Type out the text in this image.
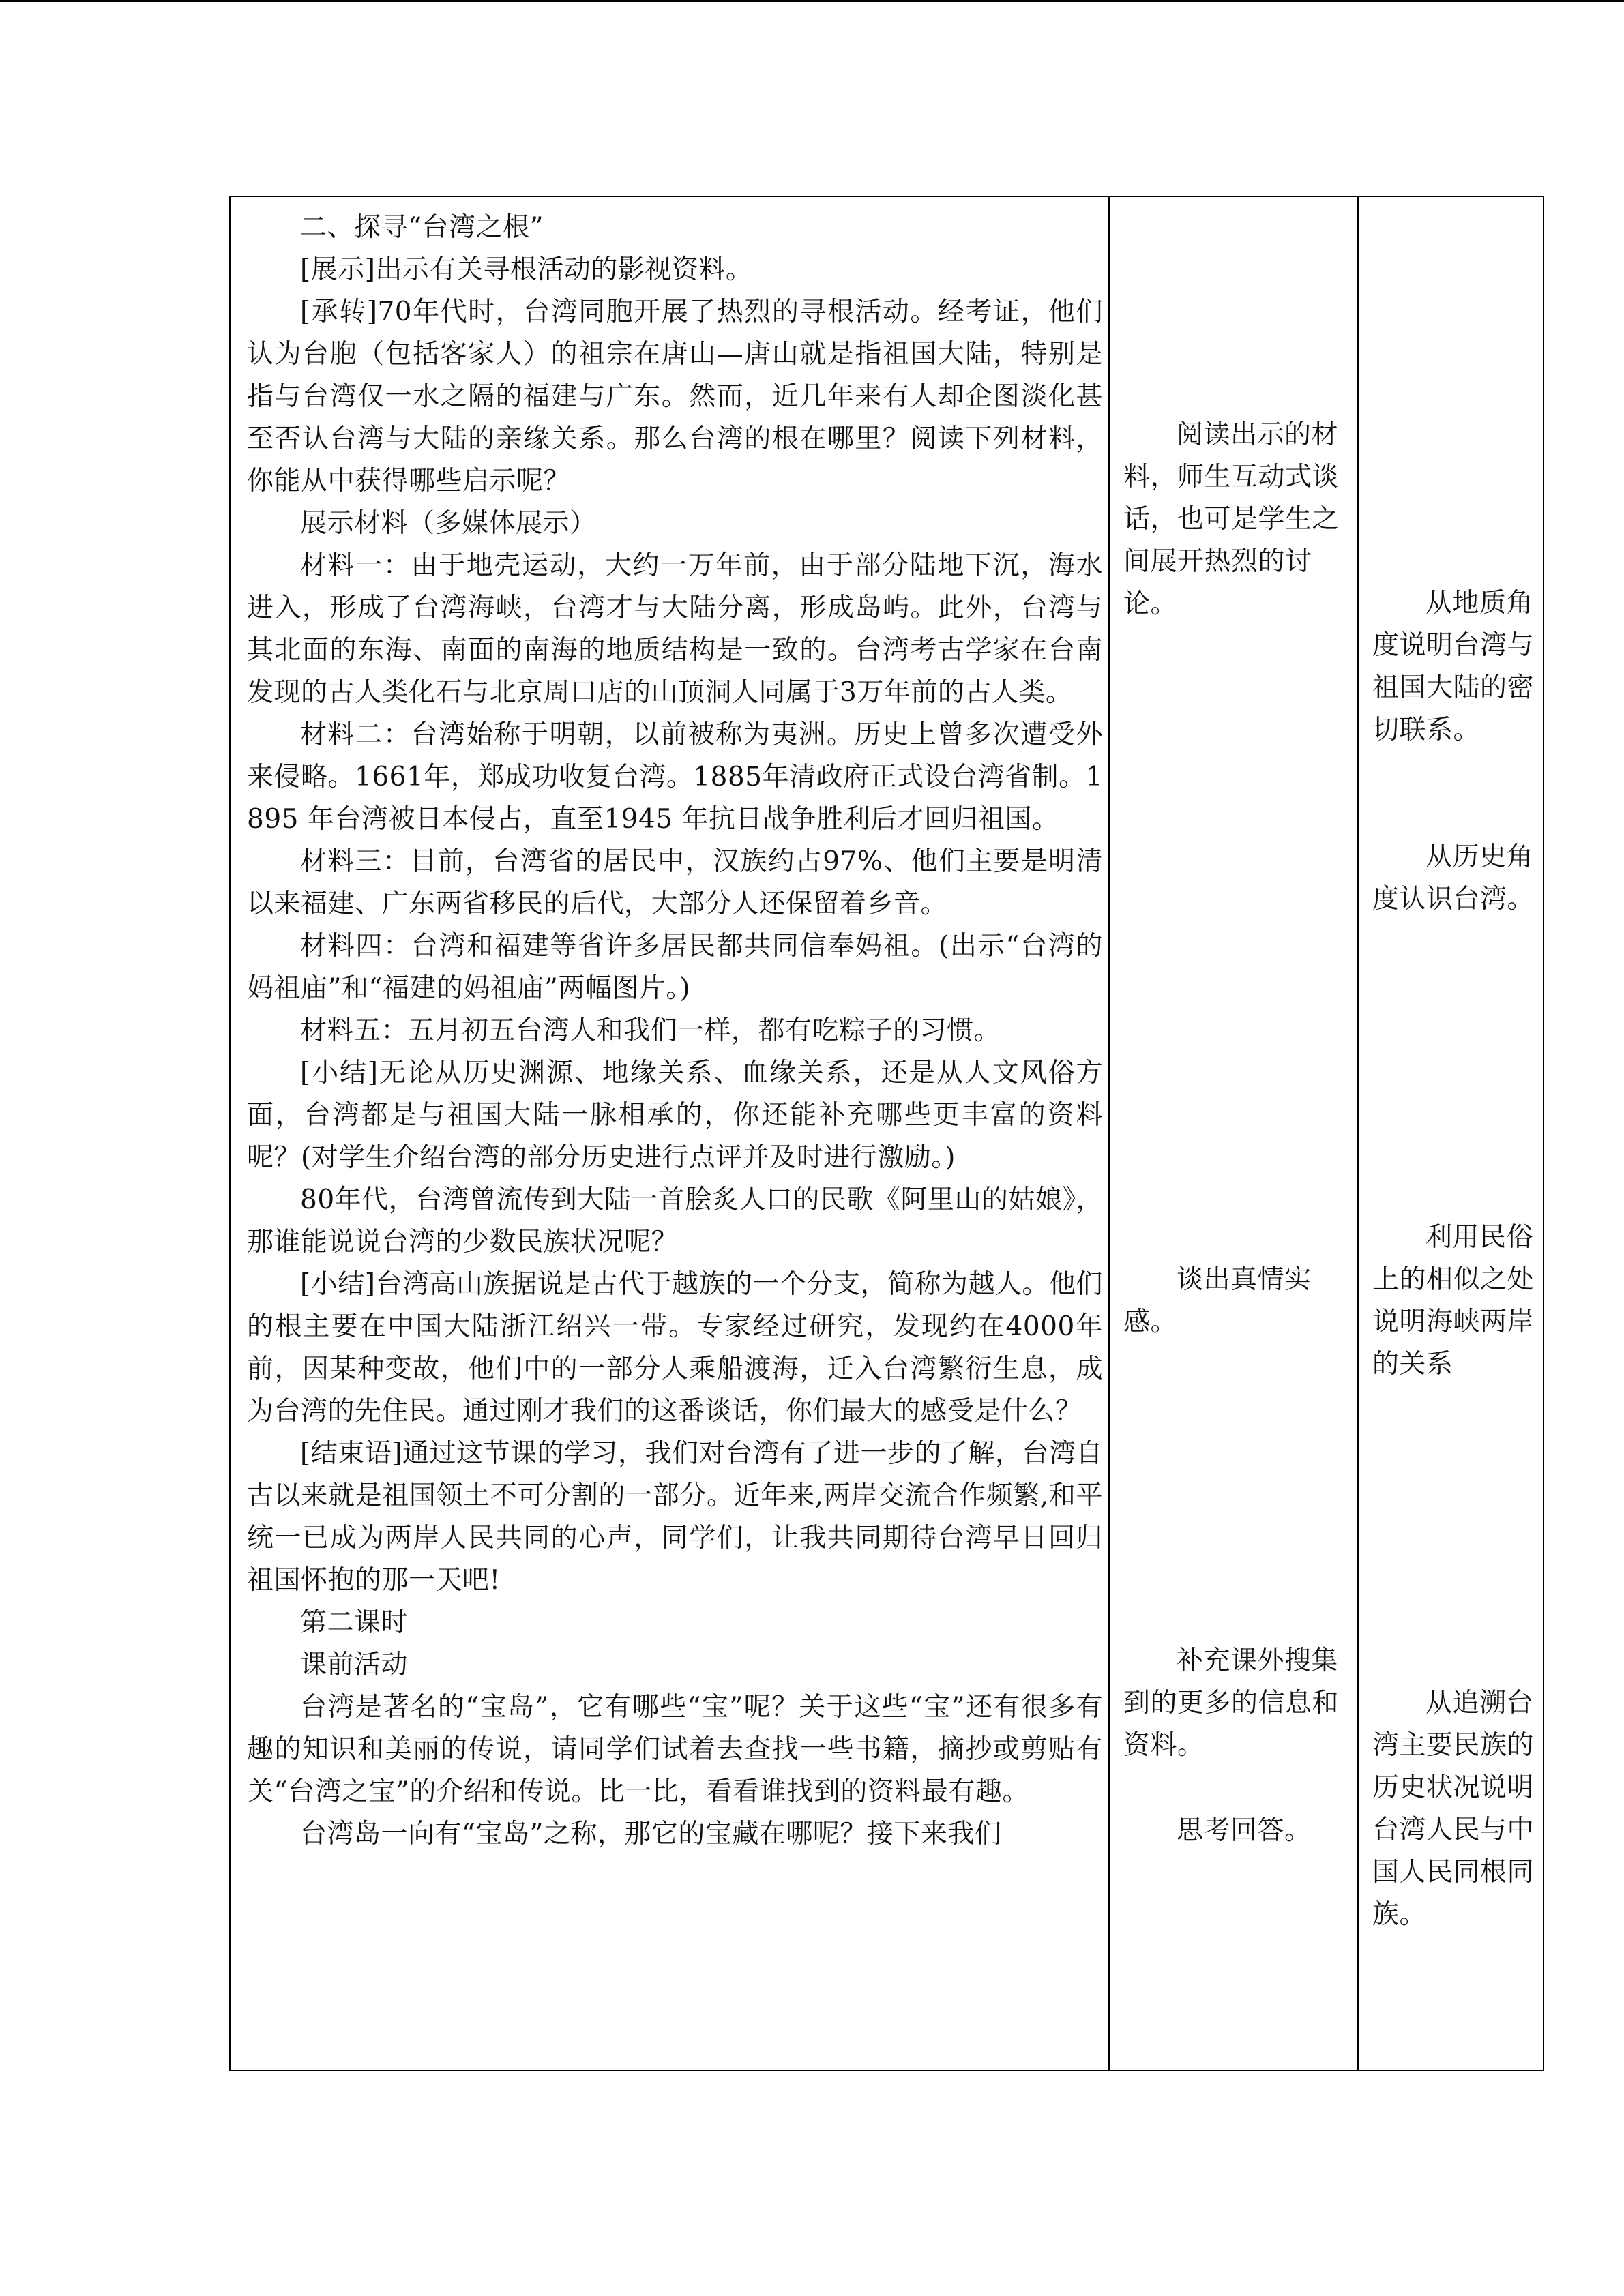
二、探寻“台湾之根”

[展示]出示有关寻根活动的影视资料。

[承转]70年代时，台湾同胞开展了热烈的寻根活动。经考证，他们认为台胞（包括客家人）的祖宗在唐山—唐山就是指祖国大陆，特别是指与台湾仅一水之隔的福建与广东。然而，近几年来有人却企图淡化甚至否认台湾与大陆的亲缘关系。那么台湾的根在哪里？阅读下列材料，你能从中获得哪些启示呢？

展示材料（多媒体展示）

材料一：由于地壳运动，大约一万年前，由于部分陆地下沉，海水进入，形成了台湾海峡，台湾才与大陆分离，形成岛屿。此外，台湾与其北面的东海、南面的南海的地质结构是一致的。台湾考古学家在台南发现的古人类化石与北京周口店的山顶洞人同属于3万年前的古人类。

材料二：台湾始称于明朝，以前被称为夷洲。历史上曾多次遭受外来侵略。1661年，郑成功收复台湾。1885年清政府正式设台湾省制。1895 年台湾被日本侵占，直至1945 年抗日战争胜利后才回归祖国。

材料三：目前，台湾省的居民中，汉族约占97%、他们主要是明清以来福建、广东两省移民的后代，大部分人还保留着乡音。

材料四：台湾和福建等省许多居民都共同信奉妈祖。(出示“台湾的妈祖庙”和“福建的妈祖庙”两幅图片。)

材料五：五月初五台湾人和我们一样，都有吃粽子的习惯。

[小结]无论从历史渊源、地缘关系、血缘关系，还是从人文风俗方面，台湾都是与祖国大陆一脉相承的，你还能补充哪些更丰富的资料呢？(对学生介绍台湾的部分历史进行点评并及时进行激励。)

80年代，台湾曾流传到大陆一首脍炙人口的民歌《阿里山的姑娘》，那谁能说说台湾的少数民族状况呢？

[小结]台湾高山族据说是古代于越族的一个分支，简称为越人。他们的根主要在中国大陆浙江绍兴一带。专家经过研究，发现约在4000年前，因某种变故，他们中的一部分人乘船渡海，迁入台湾繁衍生息，成为台湾的先住民。通过刚才我们的这番谈话，你们最大的感受是什么？

[结束语]通过这节课的学习，我们对台湾有了进一步的了解，台湾自古以来就是祖国领土不可分割的一部分。近年来,两岸交流合作频繁,和平统一已成为两岸人民共同的心声，同学们，让我共同期待台湾早日回归祖国怀抱的那一天吧!

第二课时

课前活动

台湾是著名的“宝岛”，它有哪些“宝”呢？关于这些“宝”还有很多有趣的知识和美丽的传说，请同学们试着去查找一些书籍，摘抄或剪贴有关“台湾之宝”的介绍和传说。比一比，看看谁找到的资料最有趣。

台湾岛一向有“宝岛”之称，那它的宝藏在哪呢？接下来我们

阅读出示的材料，师生互动式谈话，也可是学生之间展开热烈的讨论。

谈出真情实感。

补充课外搜集到的更多的信息和资料。

思考回答。

从地质角度说明台湾与祖国大陆的密切联系。

从历史角度认识台湾。

利用民俗上的相似之处说明海峡两岸的关系

从追溯台湾主要民族的历史状况说明台湾人民与中国人民同根同族。
